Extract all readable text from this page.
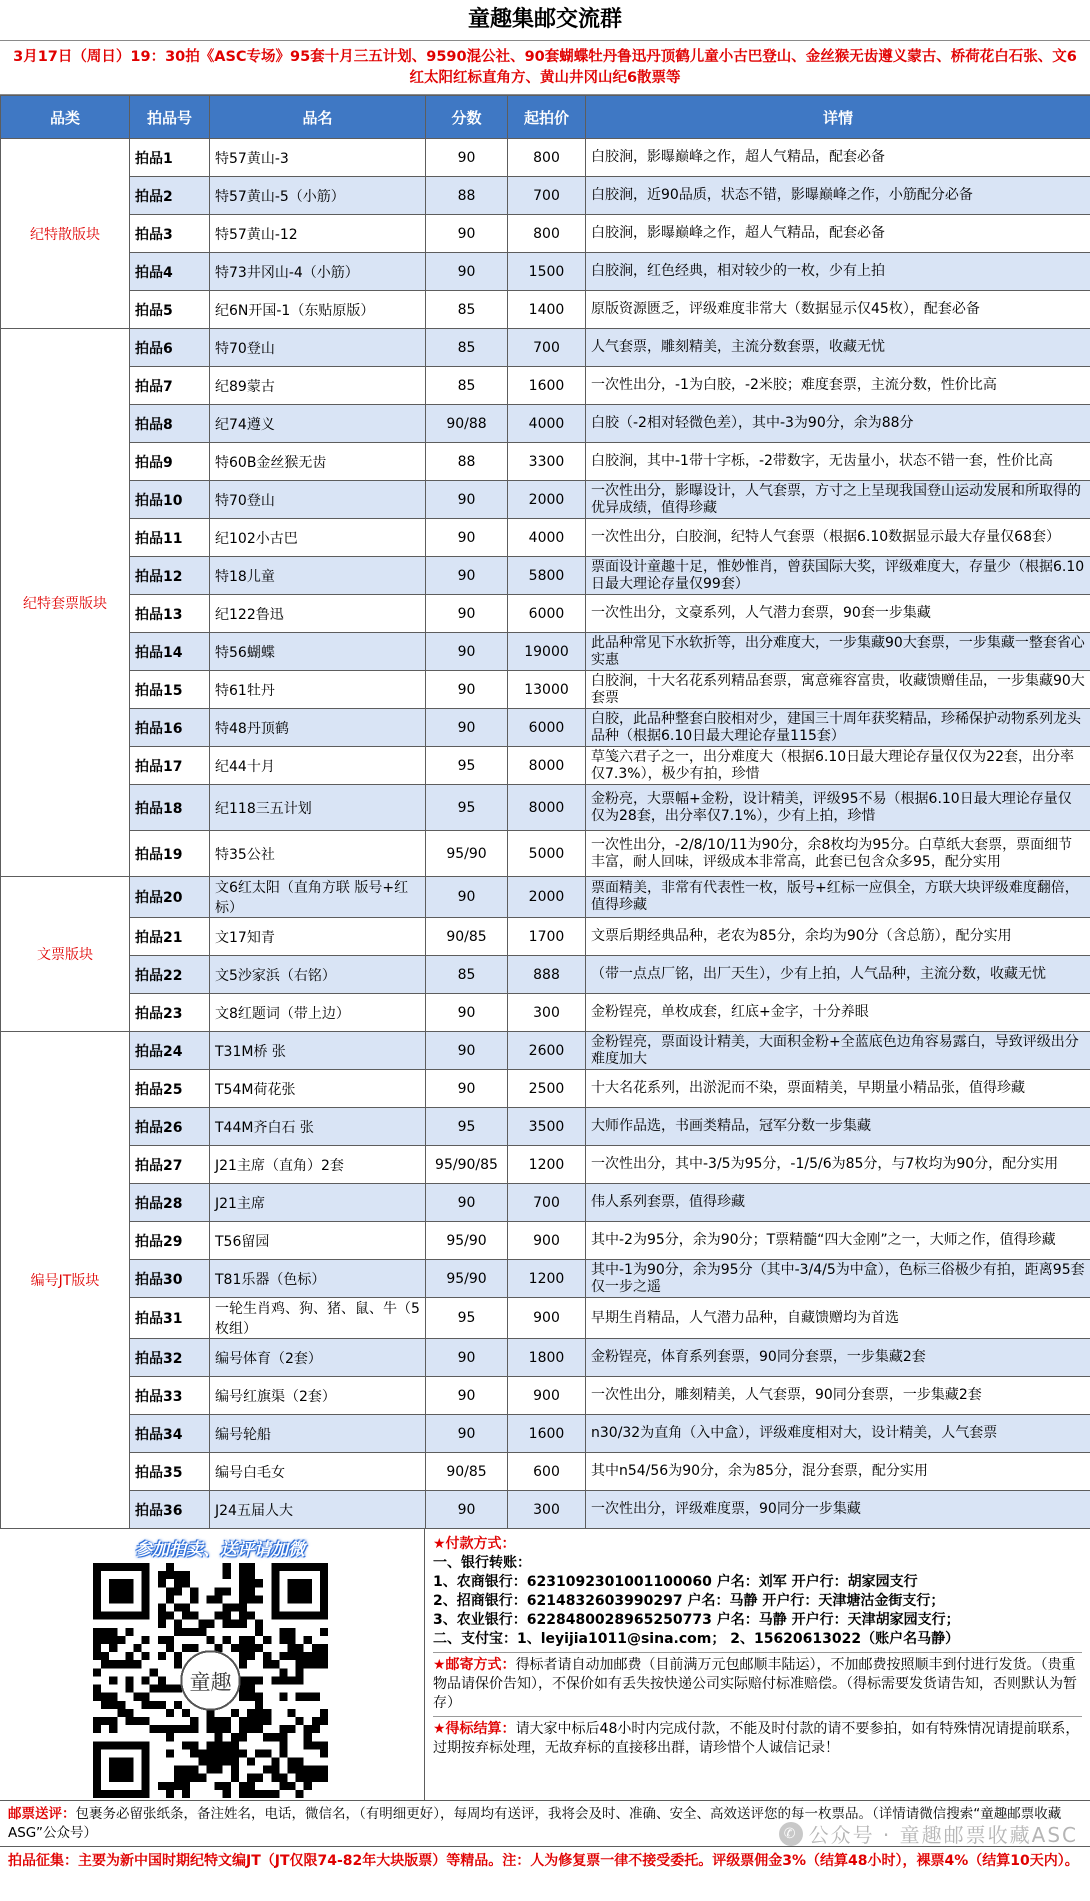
童趣集邮交流群
3月17日（周日）19：30拍《ASC专场》95套十月三五计划、9590混公社、90套蝴蝶牡丹鲁迅丹顶鹤儿童小古巴登山、金丝猴无齿遵义蒙古、桥荷花白石张、文6红太阳红标直角方、黄山井冈山纪6散票等
品类	拍品号	品名	分数	起拍价	详情
纪特散版块	拍品1	特57黄山-3	90	800	白胶涧，影曝巅峰之作，超人气精品，配套必备
	拍品2	特57黄山-5（小筋）	88	700	白胶涧，近90品质，状态不错，影曝巅峰之作，小筋配分必备
	拍品3	特57黄山-12	90	800	白胶涧，影曝巅峰之作，超人气精品，配套必备
	拍品4	特73井冈山-4（小筋）	90	1500	白胶涧，红色经典，相对较少的一枚，少有上拍
	拍品5	纪6N开国-1（东贴原版）	85	1400	原版资源匮乏，评级难度非常大（数据显示仅45枚），配套必备
纪特套票版块	拍品6	特70登山	85	700	人气套票，雕刻精美，主流分数套票，收藏无忧
	拍品7	纪89蒙古	85	1600	一次性出分，-1为白胶，-2米胶；难度套票，主流分数，性价比高
	拍品8	纪74遵义	90/88	4000	白胶（-2相对轻微色差），其中-3为90分，余为88分
	拍品9	特60B金丝猴无齿	88	3300	白胶涧，其中-1带十字栎，-2带数字，无齿量小，状态不错一套，性价比高
	拍品10	特70登山	90	2000	一次性出分，影曝设计，人气套票，方寸之上呈现我国登山运动发展和所取得的优异成绩，值得珍藏
	拍品11	纪102小古巴	90	4000	一次性出分，白胶涧，纪特人气套票（根据6.10数据显示最大存量仅68套）
	拍品12	特18儿童	90	5800	票面设计童趣十足，惟妙惟肖，曾获国际大奖，评级难度大，存量少（根据6.10日最大理论存量仅99套）
	拍品13	纪122鲁迅	90	6000	一次性出分，文豪系列，人气潜力套票，90套一步集藏
	拍品14	特56蝴蝶	90	19000	此品种常见下水软折等，出分难度大，一步集藏90大套票，一步集藏一整套省心实惠
	拍品15	特61牡丹	90	13000	白胶涧，十大名花系列精品套票，寓意雍容富贵，收藏馈赠佳品，一步集藏90大套票
	拍品16	特48丹顶鹤	90	6000	白胶，此品种整套白胶相对少，建国三十周年获奖精品，珍稀保护动物系列龙头品种（根据6.10日最大理论存量115套）
	拍品17	纪44十月	95	8000	草笺六君子之一，出分难度大（根据6.10日最大理论存量仅仅为22套，出分率仅7.3%），极少有拍，珍惜
	拍品18	纪118三五计划	95	8000	金粉亮，大票幅+金粉，设计精美，评级95不易（根据6.10日最大理论存量仅仅为28套，出分率仅7.1%），少有上拍，珍惜
	拍品19	特35公社	95/90	5000	一次性出分，-2/8/10/11为90分，余8枚均为95分。白草纸大套票，票面细节丰富，耐人回味，评级成本非常高，此套已包含众多95，配分实用
文票版块	拍品20	文6红太阳（直角方联 版号+红标）	90	2000	票面精美，非常有代表性一枚，版号+红标一应俱全，方联大块评级难度翻倍，值得珍藏
	拍品21	文17知青	90/85	1700	文票后期经典品种，老农为85分，余均为90分（含总筋），配分实用
	拍品22	文5沙家浜（右铭）	85	888	（带一点点厂铭，出厂天生），少有上拍，人气品种，主流分数，收藏无忧
	拍品23	文8红题词（带上边）	90	300	金粉锃亮，单枚成套，红底+金字，十分养眼
编号JT版块	拍品24	T31M桥 张	90	2600	金粉锃亮，票面设计精美，大面积金粉+全蓝底色边角容易露白，导致评级出分难度加大
	拍品25	T54M荷花张	90	2500	十大名花系列，出淤泥而不染，票面精美，早期量小精品张，值得珍藏
	拍品26	T44M齐白石 张	95	3500	大师作品选，书画类精品，冠军分数一步集藏
	拍品27	J21主席（直角）2套	95/90/85	1200	一次性出分，其中-3/5为95分，-1/5/6为85分，与7枚均为90分，配分实用
	拍品28	J21主席	90	700	伟人系列套票，值得珍藏
	拍品29	T56留园	95/90	900	其中-2为95分，余为90分；T票精髓“四大金刚”之一，大师之作，值得珍藏
	拍品30	T81乐器（色标）	95/90	1200	其中-1为90分，余为95分（其中-3/4/5为中盒），色标三俗极少有拍，距离95套仅一步之遥
	拍品31	一轮生肖鸡、狗、猪、鼠、牛（5枚组）	95	900	早期生肖精品，人气潜力品种，自藏馈赠均为首选
	拍品32	编号体育（2套）	90	1800	金粉锃亮，体育系列套票，90同分套票，一步集藏2套
	拍品33	编号红旗渠（2套）	90	900	一次性出分，雕刻精美，人气套票，90同分套票，一步集藏2套
	拍品34	编号轮船	90	1600	n30/32为直角（入中盒），评级难度相对大，设计精美，人气套票
	拍品35	编号白毛女	90/85	600	其中n54/56为90分，余为85分，混分套票，配分实用
	拍品36	J24五届人大	90	300	一次性出分，评级难度票，90同分一步集藏
参加拍卖、送评请加微
童趣
★付款方式：
一、银行转账：
1、农商银行：6231092301001100060 户名：刘军 开户行：胡家园支行
2、招商银行：6214832603990297 户名：马静 开户行：天津塘沽金街支行；
3、农业银行：6228480028965250773 户名：马静 开户行：天津胡家园支行；
二、支付宝：1、leyijia1011@sina.com； 2、15620613022（账户名马静）
★邮寄方式：得标者请自动加邮费（目前满万元包邮顺丰陆运），不加邮费按照顺丰到付进行发货。（贵重物品请保价告知），不保价如有丢失按快递公司实际赔付标准赔偿。（得标需要发货请告知，否则默认为暂存）
★得标结算：请大家中标后48小时内完成付款，不能及时付款的请不要参拍，如有特殊情况请提前联系，过期按弃标处理，无故弃标的直接移出群，请珍惜个人诚信记录！
邮票送评：包裹务必留张纸条，备注姓名，电话，微信名，（有明细更好），每周均有送评，我将会及时、准确、安全、高效送评您的每一枚票品。（详情请微信搜索“童趣邮票收藏ASG”公众号）
拍品征集：主要为新中国时期纪特文编JT（JT仅限74-82年大块版票）等精品。注：人为修复票一律不接受委托。评级票佣金3%（结算48小时），裸票4%（结算10天内）。
✆ 公众号 · 童趣邮票收藏ASC
